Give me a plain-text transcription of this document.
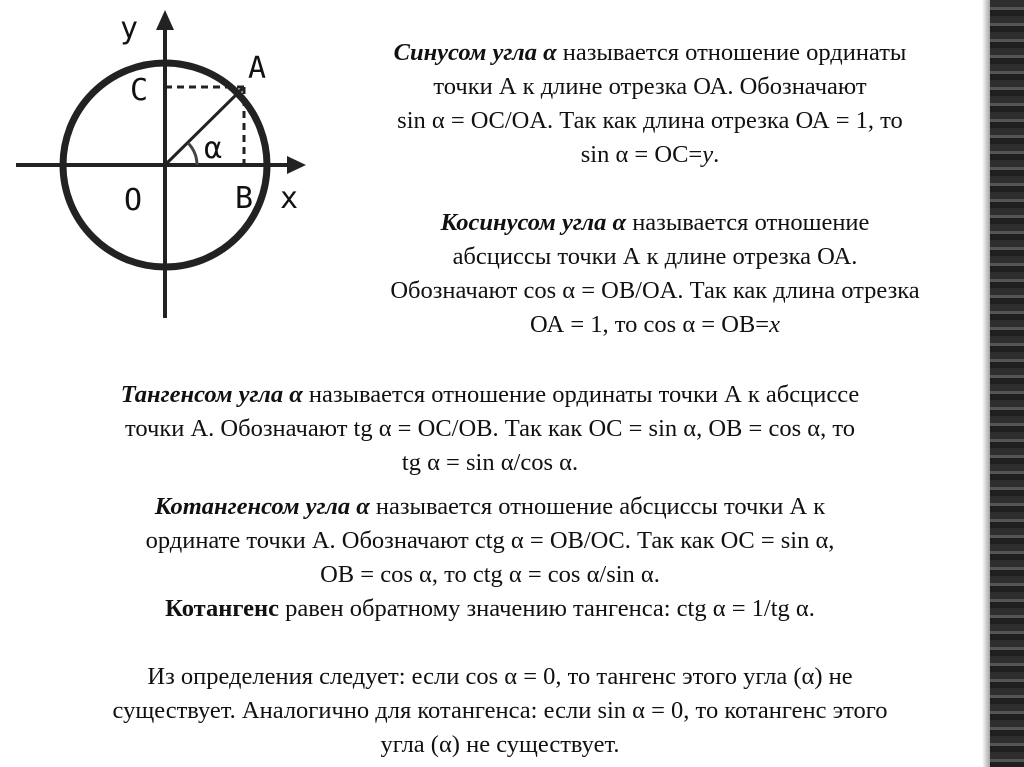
y
x
A
C
O	B
α

Синусом угла α называется отношение ординаты
точки А к длине отрезка ОА. Обозначают
sin α = OC/OA. Так как длина отрезка ОА = 1, то
sin α = OC=y.

Косинусом угла α называется отношение
абсциссы точки А к длине отрезка ОА.
Обозначают cos α = OB/OA. Так как длина отрезка
ОА = 1, то cos α = OB=x

Тангенсом угла α называется отношение ординаты точки А к абсциссе
точки А. Обозначают tg α = OC/OB. Так как OC = sin α, OB = cos α, то
tg α = sin α/cos α.

Котангенсом угла α называется отношение абсциссы точки А к
ординате точки А. Обозначают ctg α = OB/OC. Так как OC = sin α,
OB = cos α, то ctg α = cos α/sin α.
Котангенс равен обратному значению тангенса: ctg α = 1/tg α.

Из определения следует: если cos α = 0, то тангенс этого угла (α) не
существует. Аналогично для котангенса: если sin α = 0, то котангенс этого
угла (α) не существует.
